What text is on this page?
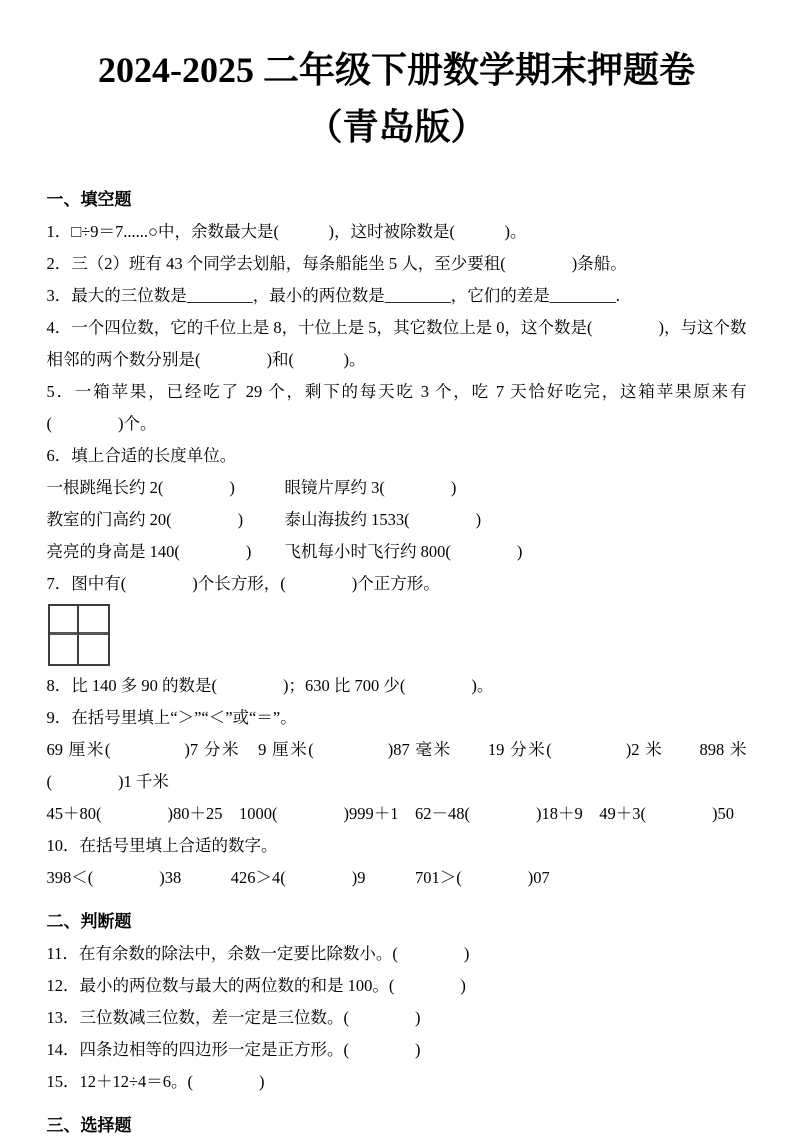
2024-2025 二年级下册数学期末押题卷
（青岛版）
一、填空题

1．□÷9＝7......○中，余数最大是(　　　)，这时被除数是(　　　)。

2．三（2）班有 43 个同学去划船，每条船能坐 5 人，至少要租(　　　　)条船。

3．最大的三位数是________，最小的两位数是________，它们的差是________.

4．一个四位数，它的千位上是 8，十位上是 5，其它数位上是 0，这个数是(　　　　)，与这个数相邻的两个数分别是(　　　　)和(　　　)。

5．一箱苹果，已经吃了 29 个，剩下的每天吃 3 个，吃 7 天恰好吃完，这箱苹果原来有(　　　　)个。

6．填上合适的长度单位。

一根跳绳长约 2(　　　　)	眼镜片厚约 3(　　　　)
教室的门高约 20(　　　　)	泰山海拔约 1533(　　　　)
亮亮的身高是 140(　　　　)	飞机每小时飞行约 800(　　　　)

7．图中有(　　　　)个长方形，(　　　　)个正方形。

8．比 140 多 90 的数是(　　　　)；630 比 700 少(　　　　)。

9．在括号里填上“＞”“＜”或“＝”。

69 厘米(　　　　)7 分米　9 厘米(　　　　)87 毫米　　19 分米(　　　　)2 米　　898 米(　　　　)1 千米

45＋80(　　　　)80＋25　1000(　　　　)999＋1　62－48(　　　　)18＋9　49＋3(　　　　)50

10．在括号里填上合适的数字。

398＜(　　　　)38　　　426＞4(　　　　)9　　　701＞(　　　　)07

二、判断题

11．在有余数的除法中，余数一定要比除数小。(　　　　)

12．最小的两位数与最大的两位数的和是 100。(　　　　)

13．三位数减三位数，差一定是三位数。(　　　　)

14．四条边相等的四边形一定是正方形。(　　　　)

15．12＋12÷4＝6。(　　　　)

三、选择题
